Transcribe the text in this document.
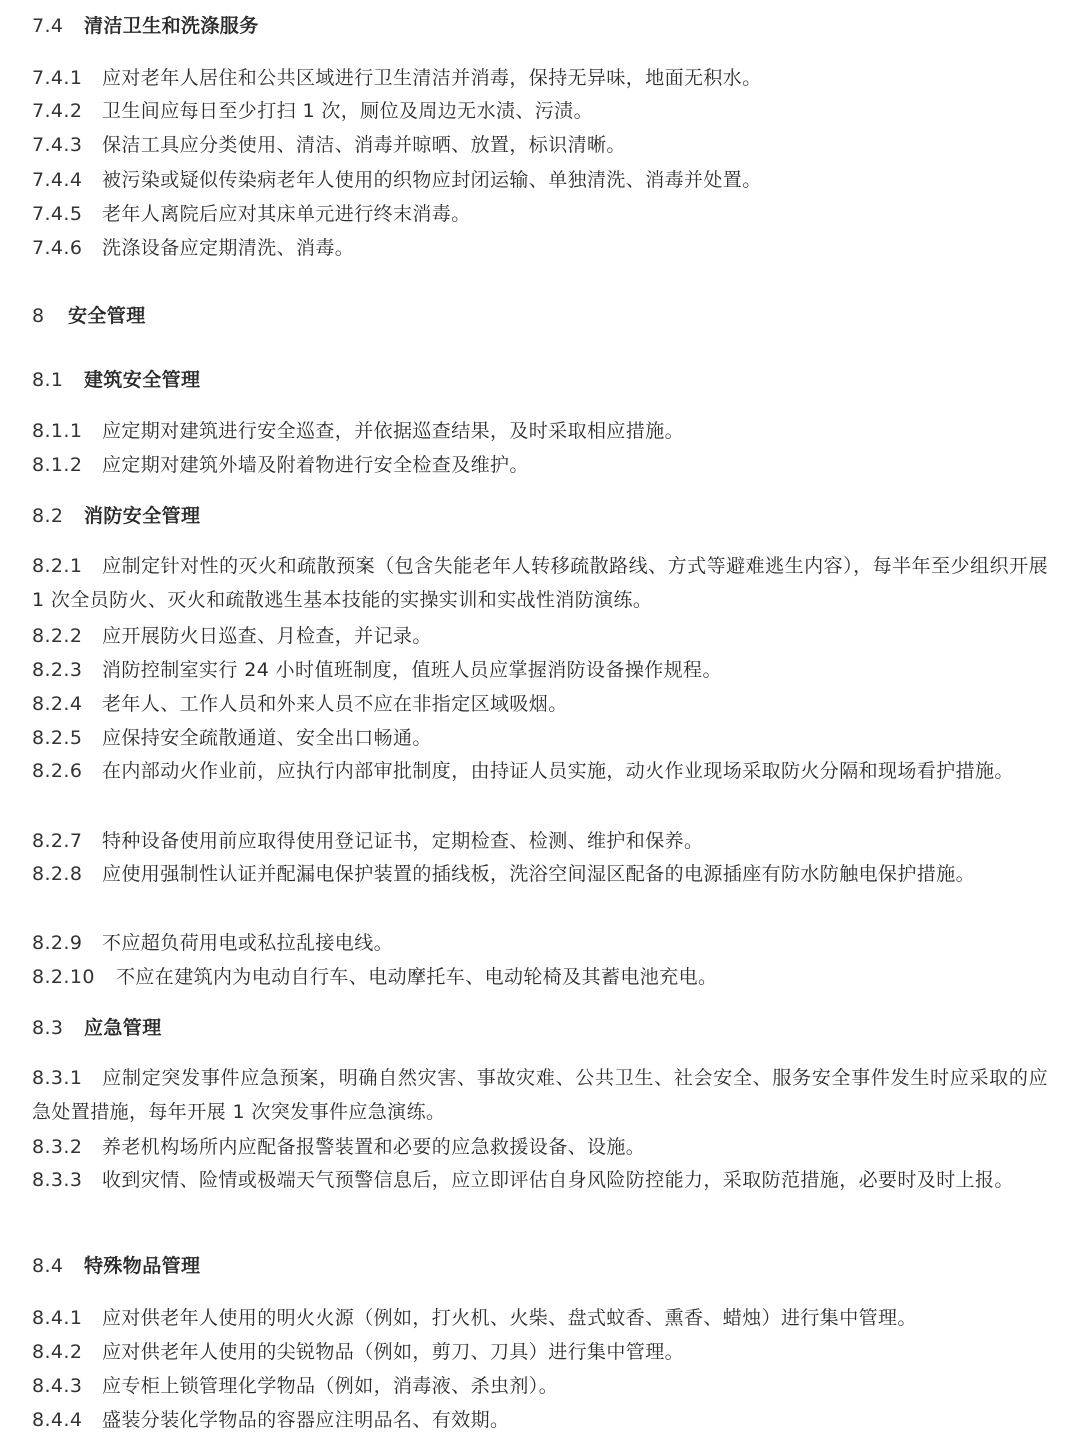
7.4 清洁卫生和洗涤服务
7.4.1 应对老年人居住和公共区域进行卫生清洁并消毒，保持无异味，地面无积水。
7.4.2 卫生间应每日至少打扫 1 次，厕位及周边无水渍、污渍。
7.4.3 保洁工具应分类使用、清洁、消毒并晾晒、放置，标识清晰。
7.4.4 被污染或疑似传染病老年人使用的织物应封闭运输、单独清洗、消毒并处置。
7.4.5 老年人离院后应对其床单元进行终末消毒。
7.4.6 洗涤设备应定期清洗、消毒。
8 安全管理
8.1 建筑安全管理
8.1.1 应定期对建筑进行安全巡查，并依据巡查结果，及时采取相应措施。
8.1.2 应定期对建筑外墙及附着物进行安全检查及维护。
8.2 消防安全管理
8.2.1 应制定针对性的灭火和疏散预案（包含失能老年人转移疏散路线、方式等避难逃生内容），每半年至少组织开展 1 次全员防火、灭火和疏散逃生基本技能的实操实训和实战性消防演练。
8.2.2 应开展防火日巡查、月检查，并记录。
8.2.3 消防控制室实行 24 小时值班制度，值班人员应掌握消防设备操作规程。
8.2.4 老年人、工作人员和外来人员不应在非指定区域吸烟。
8.2.5 应保持安全疏散通道、安全出口畅通。
8.2.6 在内部动火作业前，应执行内部审批制度，由持证人员实施，动火作业现场采取防火分隔和现场看护措施。
8.2.7 特种设备使用前应取得使用登记证书，定期检查、检测、维护和保养。
8.2.8 应使用强制性认证并配漏电保护装置的插线板，洗浴空间湿区配备的电源插座有防水防触电保护措施。
8.2.9 不应超负荷用电或私拉乱接电线。
8.2.10 不应在建筑内为电动自行车、电动摩托车、电动轮椅及其蓄电池充电。
8.3 应急管理
8.3.1 应制定突发事件应急预案，明确自然灾害、事故灾难、公共卫生、社会安全、服务安全事件发生时应采取的应急处置措施，每年开展 1 次突发事件应急演练。
8.3.2 养老机构场所内应配备报警装置和必要的应急救援设备、设施。
8.3.3 收到灾情、险情或极端天气预警信息后，应立即评估自身风险防控能力，采取防范措施，必要时及时上报。
8.4 特殊物品管理
8.4.1 应对供老年人使用的明火火源（例如，打火机、火柴、盘式蚊香、熏香、蜡烛）进行集中管理。
8.4.2 应对供老年人使用的尖锐物品（例如，剪刀、刀具）进行集中管理。
8.4.3 应专柜上锁管理化学物品（例如，消毒液、杀虫剂）。
8.4.4 盛装分装化学物品的容器应注明品名、有效期。
